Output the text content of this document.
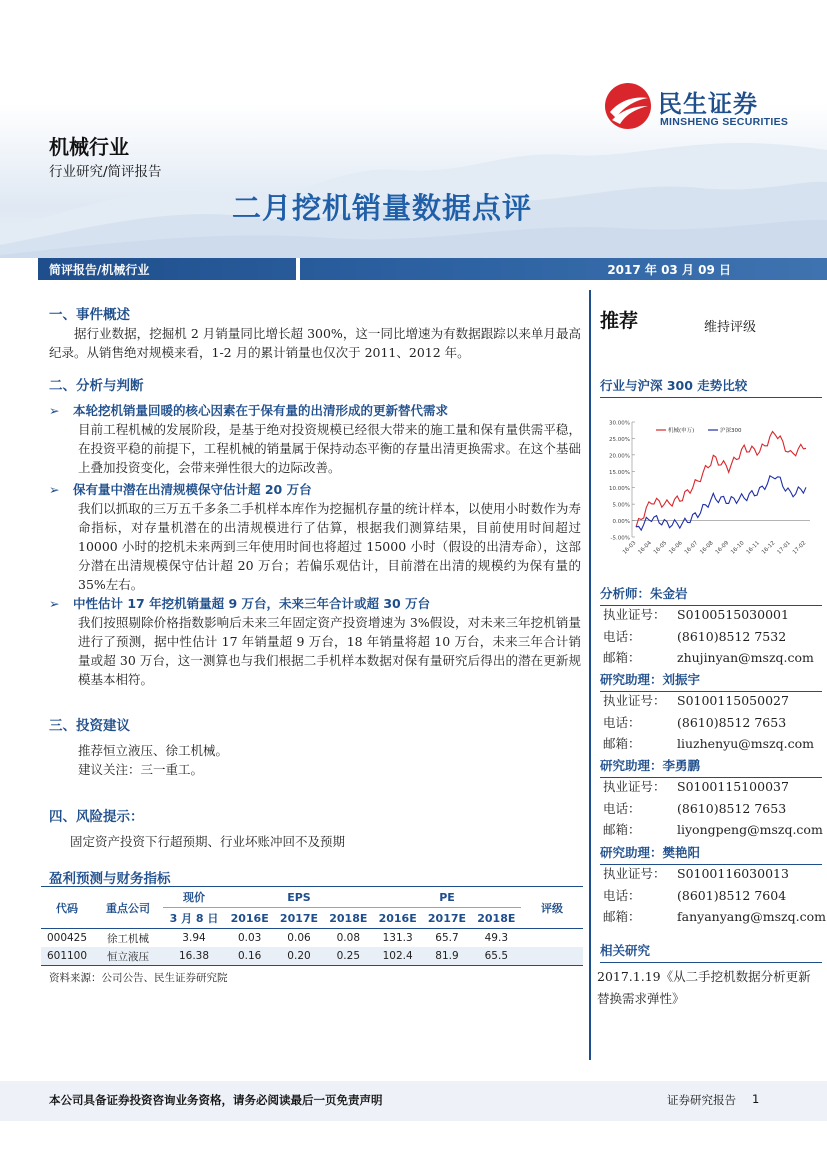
民生证券
MINSHENG SECURITIES
机械行业
行业研究/简评报告
二月挖机销量数据点评
简评报告/机械行业	2017 年 03 月 09 日
一、事件概述
据行业数据，挖掘机 2 月销量同比增长超 300%，这一同比增速为有数据跟踪以来单月最高纪录。从销售绝对规模来看，1-2 月的累计销量也仅次于 2011、2012 年。
二、分析与判断
➢ 本轮挖机销量回暖的核心因素在于保有量的出清形成的更新替代需求
目前工程机械的发展阶段，是基于绝对投资规模已经很大带来的施工量和保有量供需平稳，在投资平稳的前提下，工程机械的销量属于保持动态平衡的存量出清更换需求。在这个基础上叠加投资变化，会带来弹性很大的边际改善。
➢ 保有量中潜在出清规模保守估计超 20 万台
我们以抓取的三万五千多条二手机样本库作为挖掘机存量的统计样本，以使用小时数作为寿命指标，对存量机潜在的出清规模进行了估算，根据我们测算结果，目前使用时间超过 10000 小时的挖机未来两到三年使用时间也将超过 15000 小时（假设的出清寿命），这部分潜在出清规模保守估计超 20 万台；若偏乐观估计，目前潜在出清的规模约为保有量的 35%左右。
➢ 中性估计 17 年挖机销量超 9 万台，未来三年合计或超 30 万台
我们按照剔除价格指数影响后未来三年固定资产投资增速为 3%假设，对未来三年挖机销量进行了预测，据中性估计 17 年销量超 9 万台，18 年销量将超 10 万台，未来三年合计销量或超 30 万台，这一测算也与我们根据二手机样本数据对保有量研究后得出的潜在更新规模基本相符。
三、投资建议
推荐恒立液压、徐工机械。
建议关注：三一重工。
四、风险提示：
固定资产投资下行超预期、行业坏账冲回不及预期
盈利预测与财务指标
代码	重点公司	现价	EPS			PE			评级
		3 月 8 日	2016E	2017E	2018E	2016E	2017E	2018E	
000425	徐工机械	3.94	0.03	0.06	0.08	131.3	65.7	49.3	
601100	恒立液压	16.38	0.16	0.20	0.25	102.4	81.9	65.5	
资料来源：公司公告、民生证券研究院
推荐	维持评级
行业与沪深 300 走势比较
-5.00%
0.00%
5.00%
10.00%
15.00%
20.00%
25.00%
30.00%
16-03 16-04 16-05 16-06 16-07 16-08 16-09 16-10 16-11 16-12 17-01 17-02
机械(申万)	沪深300
分析师：朱金岩
执业证号： S0100515030001
电话：	(8610)8512 7532
邮箱：	zhujinyan@mszq.com
研究助理：刘振宇
执业证号： S0100115050027
电话：	(8610)8512 7653
邮箱：	liuzhenyu@mszq.com
研究助理：李勇鹏
执业证号： S0100115100037
电话：	(8610)8512 7653
邮箱：	liyongpeng@mszq.com
研究助理：樊艳阳
执业证号： S0100116030013
电话：	(8601)8512 7604
邮箱：	fanyanyang@mszq.com
相关研究
2017.1.19《从二手挖机数据分析更新替换需求弹性》
本公司具备证券投资咨询业务资格，请务必阅读最后一页免责声明	证券研究报告 1
